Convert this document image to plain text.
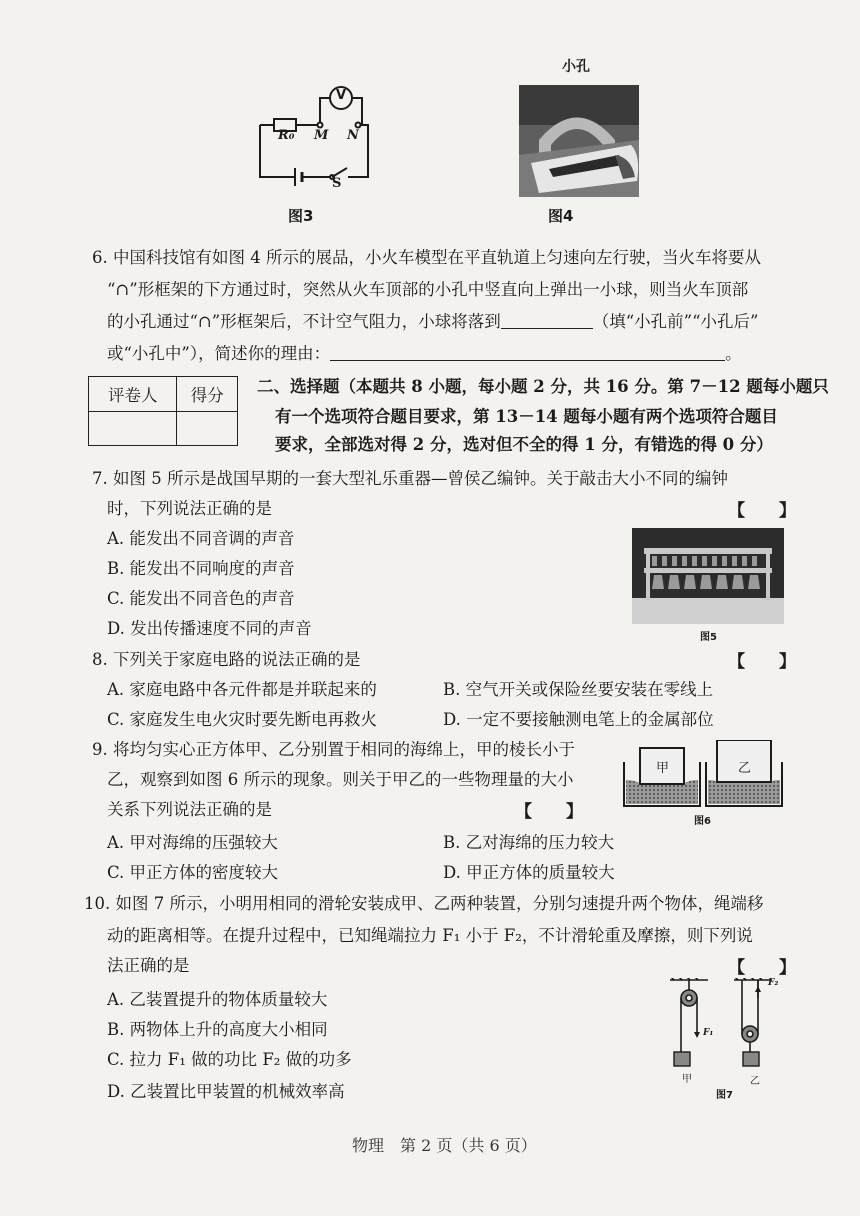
V
R₀ M N
S
图3
小孔
图4
6. 中国科技馆有如图 4 所示的展品，小火车模型在平直轨道上匀速向左行驶，当火车将要从
“∩”形框架的下方通过时，突然从火车顶部的小孔中竖直向上弹出一小球，则当火车顶部
的小孔通过“∩”形框架后，不计空气阻力，小球将落到	（填“小孔前”“小孔后”
或“小孔中”），简述你的理由：	。
评卷人	得分
	二、选择题（本题共 8 小题，每小题 2 分，共 16 分。第 7－12 题每小题只
有一个选项符合题目要求，第 13－14 题每小题有两个选项符合题目
要求，全部选对得 2 分，选对但不全的得 1 分，有错选的得 0 分）
7. 如图 5 所示是战国早期的一套大型礼乐重器—曾侯乙编钟。关于敲击大小不同的编钟
时，下列说法正确的是	【　　】
A. 能发出不同音调的声音
B. 能发出不同响度的声音
C. 能发出不同音色的声音
D. 发出传播速度不同的声音	图5
8. 下列关于家庭电路的说法正确的是	【　　】
A. 家庭电路中各元件都是并联起来的	B. 空气开关或保险丝要安装在零线上
C. 家庭发生电火灾时要先断电再救火	D. 一定不要接触测电笔上的金属部位
9. 将均匀实心正方体甲、乙分别置于相同的海绵上，甲的棱长小于
乙，观察到如图 6 所示的现象。则关于甲乙的一些物理量的大小
关系下列说法正确的是	【　　】
甲	乙
图6
A. 甲对海绵的压强较大	B. 乙对海绵的压力较大
C. 甲正方体的密度较大	D. 甲正方体的质量较大
10. 如图 7 所示，小明用相同的滑轮安装成甲、乙两种装置，分别匀速提升两个物体，绳端移
动的距离相等。在提升过程中，已知绳端拉力 F₁ 小于 F₂，不计滑轮重及摩擦，则下列说
法正确的是	【　　】
A. 乙装置提升的物体质量较大
B. 两物体上升的高度大小相同
C. 拉力 F₁ 做的功比 F₂ 做的功多
D. 乙装置比甲装置的机械效率高
F₁
F₂
甲	乙
图7
物理　第 2 页（共 6 页）
